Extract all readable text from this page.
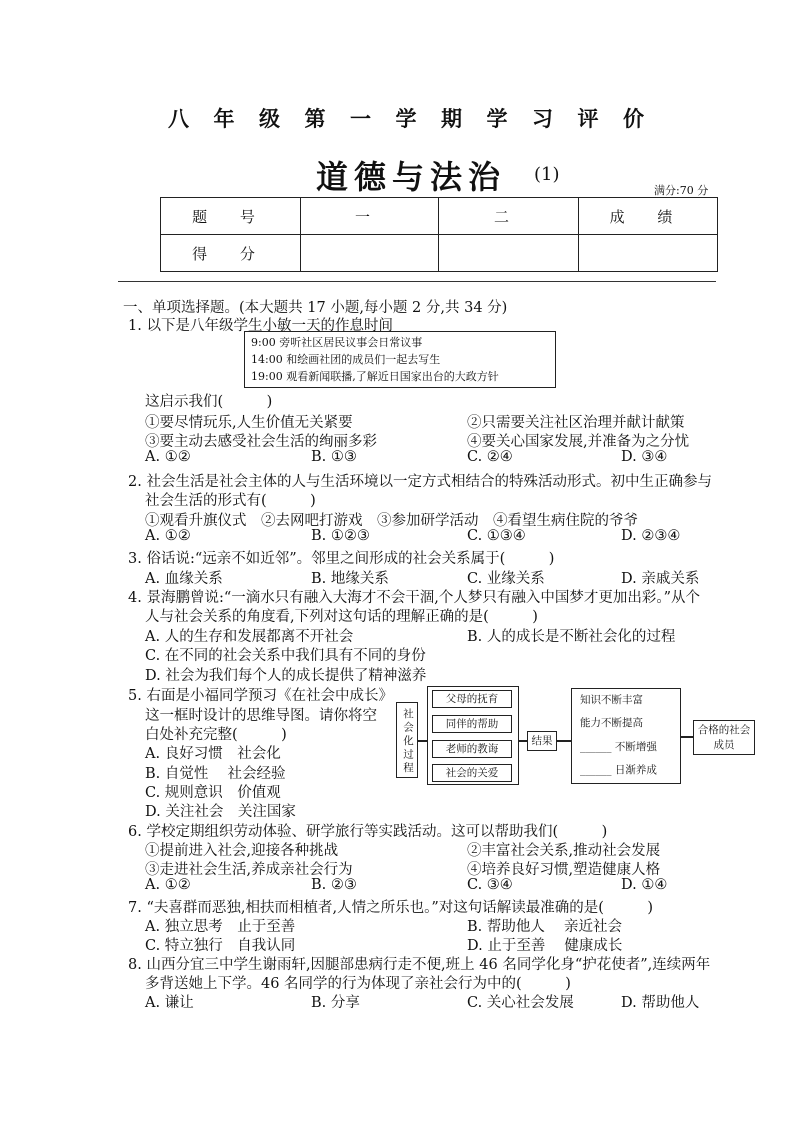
八年级第一学期学习评价
道德与法治 (1)
满分:70 分
题 号	一	二	成 绩
得 分			
一、单项选择题。(本大题共 17 小题,每小题 2 分,共 34 分)
1. 以下是八年级学生小敏一天的作息时间
9:00 旁听社区居民议事会日常议事
14:00 和绘画社团的成员们一起去写生
19:00 观看新闻联播,了解近日国家出台的大政方针
这启示我们(　　　)
①要尽情玩乐,人生价值无关紧要	②只需要关注社区治理并献计献策
③要主动去感受社会生活的绚丽多彩	④要关心国家发展,并准备为之分忧
A. ①②	B. ①③	C. ②④	D. ③④
2. 社会生活是社会主体的人与生活环境以一定方式相结合的特殊活动形式。初中生正确参与
社会生活的形式有(　　　)
①观看升旗仪式　②去网吧打游戏　③参加研学活动　④看望生病住院的爷爷
A. ①②	B. ①②③	C. ①③④	D. ②③④
3. 俗话说:“远亲不如近邻”。邻里之间形成的社会关系属于(　　　)
A. 血缘关系	B. 地缘关系	C. 业缘关系	D. 亲戚关系
4. 景海鹏曾说:“一滴水只有融入大海才不会干涸,个人梦只有融入中国梦才更加出彩。”从个
人与社会关系的角度看,下列对这句话的理解正确的是(　　　)
A. 人的生存和发展都离不开社会	B. 人的成长是不断社会化的过程
C. 在不同的社会关系中我们具有不同的身份
D. 社会为我们每个人的成长提供了精神滋养
5. 右面是小福同学预习《在社会中成长》
这一框时设计的思维导图。请你将空
白处补充完整(　　　)
A. 良好习惯　社会化
B. 自觉性　 社会经验
C. 规则意识　价值观
D. 关注社会　关注国家
社会化过程
父母的抚育
同伴的帮助
老师的教诲
社会的关爱
结果
知识不断丰富
能力不断提高
______ 不断增强
______ 日渐养成
合格的社会成员
6. 学校定期组织劳动体验、研学旅行等实践活动。这可以帮助我们(　　　)
①提前进入社会,迎接各种挑战	②丰富社会关系,推动社会发展
③走进社会生活,养成亲社会行为	④培养良好习惯,塑造健康人格
A. ①②	B. ②③	C. ③④	D. ①④
7. “夫喜群而恶独,相扶而相植者,人情之所乐也。”对这句话解读最准确的是(　　　)
A. 独立思考　止于至善	B. 帮助他人　 亲近社会
C. 特立独行　自我认同	D. 止于至善　 健康成长
8. 山西分宜三中学生谢雨轩,因腿部患病行走不便,班上 46 名同学化身“护花使者”,连续两年
多背送她上下学。46 名同学的行为体现了亲社会行为中的(　　　)
A. 谦让	B. 分享	C. 关心社会发展	D. 帮助他人
